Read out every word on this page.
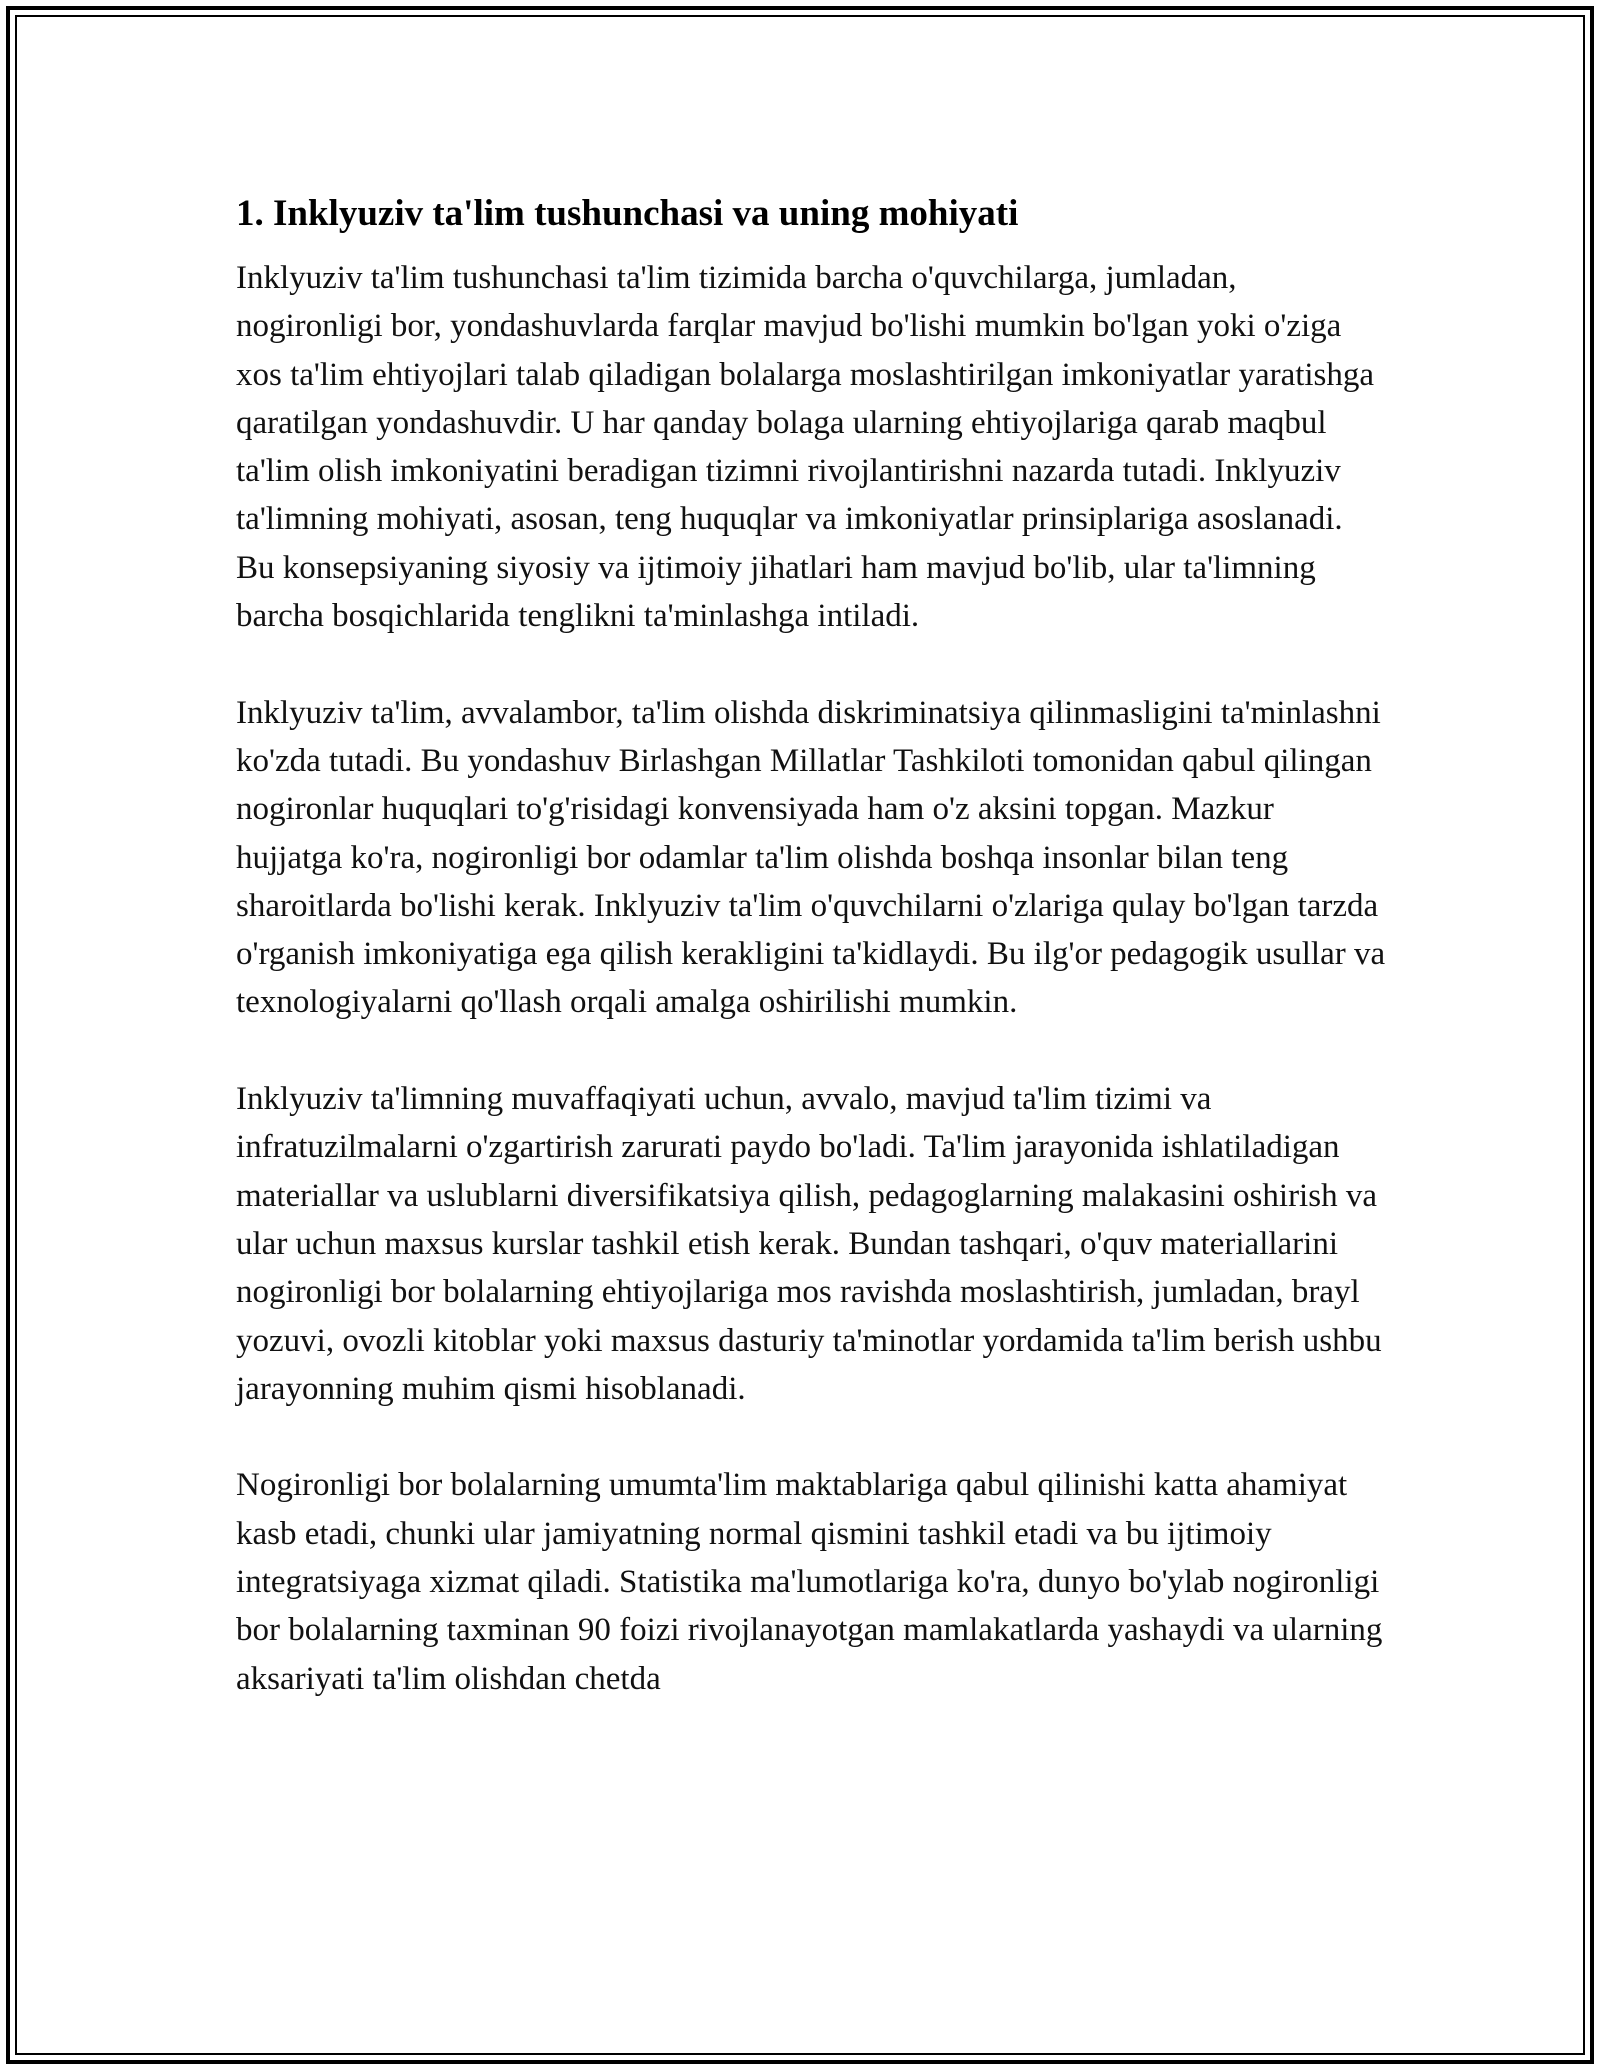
1. Inklyuziv ta'lim tushunchasi va uning mohiyati

Inklyuziv ta'lim tushunchasi ta'lim tizimida barcha o'quvchilarga, jumladan, nogironligi bor, yondashuvlarda farqlar mavjud bo'lishi mumkin bo'lgan yoki o'ziga xos ta'lim ehtiyojlari talab qiladigan bolalarga moslashtirilgan imkoniyatlar yaratishga qaratilgan yondashuvdir. U har qanday bolaga ularning ehtiyojlariga qarab maqbul ta'lim olish imkoniyatini beradigan tizimni rivojlantirishni nazarda tutadi. Inklyuziv ta'limning mohiyati, asosan, teng huquqlar va imkoniyatlar prinsiplariga asoslanadi. Bu konsepsiyaning siyosiy va ijtimoiy jihatlari ham mavjud bo'lib, ular ta'limning barcha bosqichlarida tenglikni ta'minlashga intiladi.

Inklyuziv ta'lim, avvalambor, ta'lim olishda diskriminatsiya qilinmasligini ta'minlashni ko'zda tutadi. Bu yondashuv Birlashgan Millatlar Tashkiloti tomonidan qabul qilingan nogironlar huquqlari to'g'risidagi konvensiyada ham o'z aksini topgan. Mazkur hujjatga ko'ra, nogironligi bor odamlar ta'lim olishda boshqa insonlar bilan teng sharoitlarda bo'lishi kerak. Inklyuziv ta'lim o'quvchilarni o'zlariga qulay bo'lgan tarzda o'rganish imkoniyatiga ega qilish kerakligini ta'kidlaydi. Bu ilg'or pedagogik usullar va texnologiyalarni qo'llash orqali amalga oshirilishi mumkin.

Inklyuziv ta'limning muvaffaqiyati uchun, avvalo, mavjud ta'lim tizimi va infratuzilmalarni o'zgartirish zarurati paydo bo'ladi. Ta'lim jarayonida ishlatiladigan materiallar va uslublarni diversifikatsiya qilish, pedagoglarning malakasini oshirish va ular uchun maxsus kurslar tashkil etish kerak. Bundan tashqari, o'quv materiallarini nogironligi bor bolalarning ehtiyojlariga mos ravishda moslashtirish, jumladan, brayl yozuvi, ovozli kitoblar yoki maxsus dasturiy ta'minotlar yordamida ta'lim berish ushbu jarayonning muhim qismi hisoblanadi.

Nogironligi bor bolalarning umumta'lim maktablariga qabul qilinishi katta ahamiyat kasb etadi, chunki ular jamiyatning normal qismini tashkil etadi va bu ijtimoiy integratsiyaga xizmat qiladi. Statistika ma'lumotlariga ko'ra, dunyo bo'ylab nogironligi bor bolalarning taxminan 90 foizi rivojlanayotgan mamlakatlarda yashaydi va ularning aksariyati ta'lim olishdan chetda
